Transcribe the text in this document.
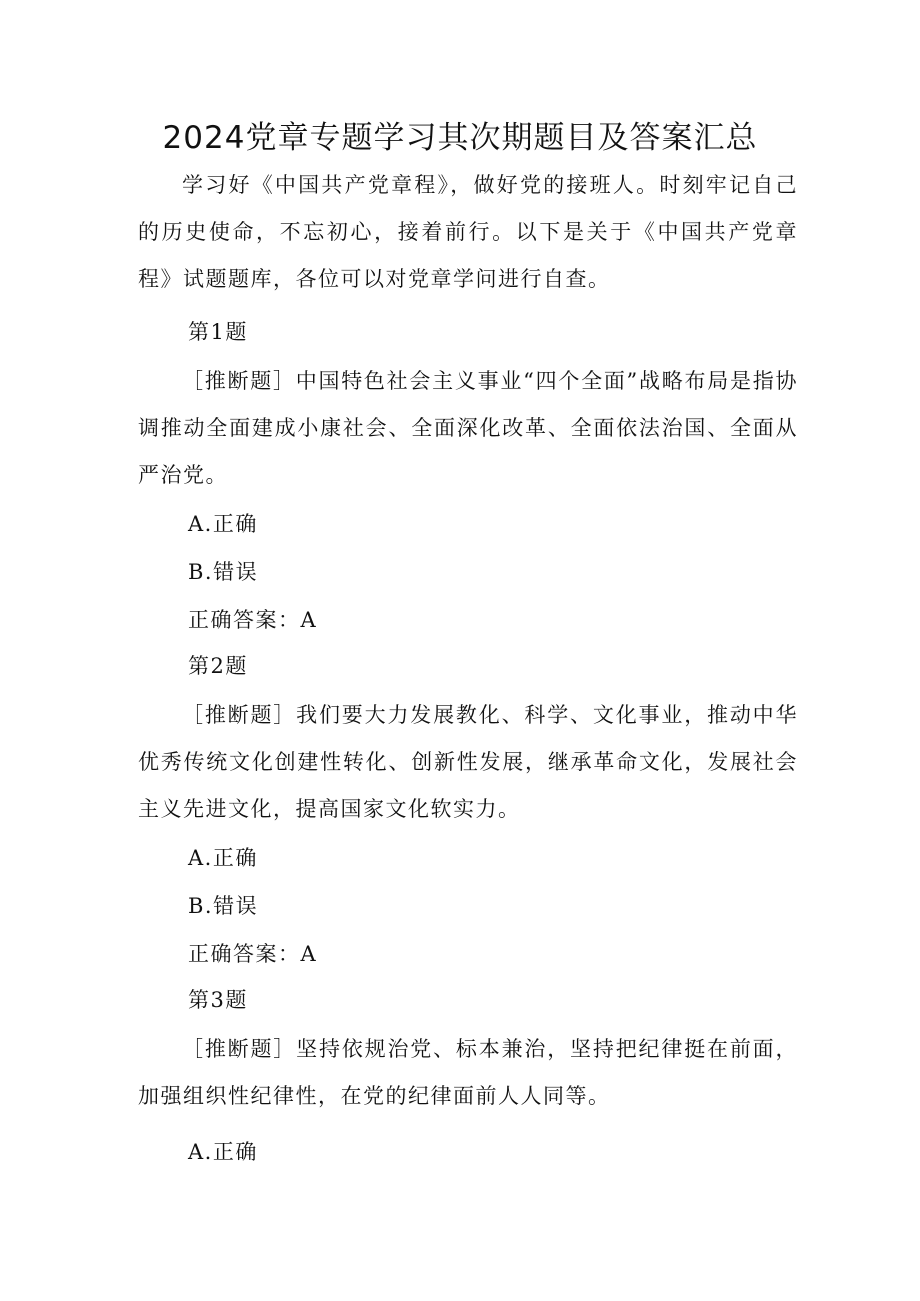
2024党章专题学习其次期题目及答案汇总

学习好《中国共产党章程》，做好党的接班人。时刻牢记自己的历史使命，不忘初心，接着前行。以下是关于《中国共产党章程》试题题库，各位可以对党章学问进行自查。

第1题

［推断题］中国特色社会主义事业“四个全面”战略布局是指协调推动全面建成小康社会、全面深化改革、全面依法治国、全面从严治党。

A.正确

B.错误

正确答案：A

第2题

［推断题］我们要大力发展教化、科学、文化事业，推动中华优秀传统文化创建性转化、创新性发展，继承革命文化，发展社会主义先进文化，提高国家文化软实力。

A.正确

B.错误

正确答案：A

第3题

［推断题］坚持依规治党、标本兼治，坚持把纪律挺在前面，加强组织性纪律性，在党的纪律面前人人同等。

A.正确
